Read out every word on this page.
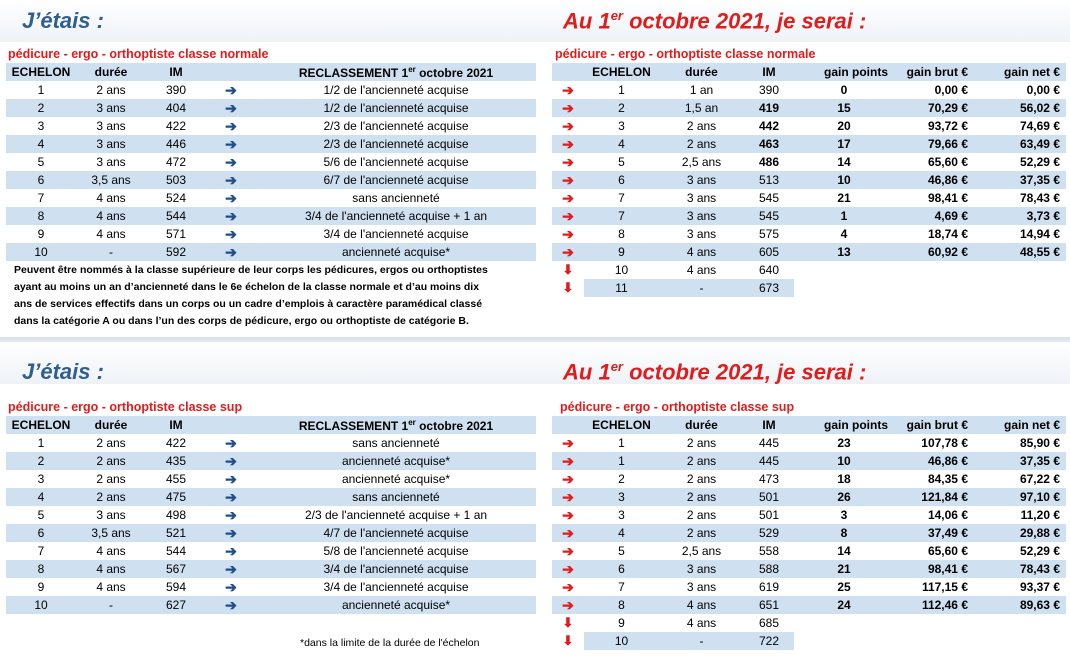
J’étais :	Au 1er octobre 2021, je serai :
pédicure - ergo - orthoptiste classe normale	pédicure - ergo - orthoptiste classe normale
ECHELON	durée	IM		RECLASSEMENT 1er octobre 2021
1	2 ans	390	➔	1/2 de l'ancienneté acquise
2	3 ans	404	➔	1/2 de l'ancienneté acquise
3	3 ans	422	➔	2/3 de l'ancienneté acquise
4	3 ans	446	➔	2/3 de l'ancienneté acquise
5	3 ans	472	➔	5/6 de l'ancienneté acquise
6	3,5 ans	503	➔	6/7 de l'ancienneté acquise
7	4 ans	524	➔	sans ancienneté
8	4 ans	544	➔	3/4 de l'ancienneté acquise + 1 an
9	4 ans	571	➔	3/4 de l'ancienneté acquise
10	-	592	➔	ancienneté acquise*
Peuvent être nommés à la classe supérieure de leur corps les pédicures, ergos ou orthoptistes
ayant au moins un an d’ancienneté dans le 6e échelon de la classe normale et d’au moins dix
ans de services effectifs dans un corps ou un cadre d’emplois à caractère paramédical classé
dans la catégorie A ou dans l’un des corps de pédicure, ergo ou orthoptiste de catégorie B.
	ECHELON	durée	IM	gain points	gain brut €	gain net €
➔	1	1 an	390	0	0,00 €	0,00 €
➔	2	1,5 an	419	15	70,29 €	56,02 €
➔	3	2 ans	442	20	93,72 €	74,69 €
➔	4	2 ans	463	17	79,66 €	63,49 €
➔	5	2,5 ans	486	14	65,60 €	52,29 €
➔	6	3 ans	513	10	46,86 €	37,35 €
➔	7	3 ans	545	21	98,41 €	78,43 €
➔	7	3 ans	545	1	4,69 €	3,73 €
➔	8	3 ans	575	4	18,74 €	14,94 €
➔	9	4 ans	605	13	60,92 €	48,55 €
⬇	10	4 ans	640			
⬇	11	-	673			
J’étais :	Au 1er octobre 2021, je serai :
pédicure - ergo - orthoptiste classe sup	pédicure - ergo - orthoptiste classe sup
ECHELON	durée	IM		RECLASSEMENT 1er octobre 2021
1	2 ans	422	➔	sans ancienneté
2	2 ans	435	➔	ancienneté acquise*
3	2 ans	455	➔	ancienneté acquise*
4	2 ans	475	➔	sans ancienneté
5	3 ans	498	➔	2/3 de l'ancienneté acquise + 1 an
6	3,5 ans	521	➔	4/7 de l'ancienneté acquise
7	4 ans	544	➔	5/8 de l'ancienneté acquise
8	4 ans	567	➔	3/4 de l'ancienneté acquise
9	4 ans	594	➔	3/4 de l'ancienneté acquise
10	-	627	➔	ancienneté acquise*
*dans la limite de la durée de l'échelon
	ECHELON	durée	IM	gain points	gain brut €	gain net €
➔	1	2 ans	445	23	107,78 €	85,90 €
➔	1	2 ans	445	10	46,86 €	37,35 €
➔	2	2 ans	473	18	84,35 €	67,22 €
➔	3	2 ans	501	26	121,84 €	97,10 €
➔	3	2 ans	501	3	14,06 €	11,20 €
➔	4	2 ans	529	8	37,49 €	29,88 €
➔	5	2,5 ans	558	14	65,60 €	52,29 €
➔	6	3 ans	588	21	98,41 €	78,43 €
➔	7	3 ans	619	25	117,15 €	93,37 €
➔	8	4 ans	651	24	112,46 €	89,63 €
⬇	9	4 ans	685			
⬇	10	-	722			
